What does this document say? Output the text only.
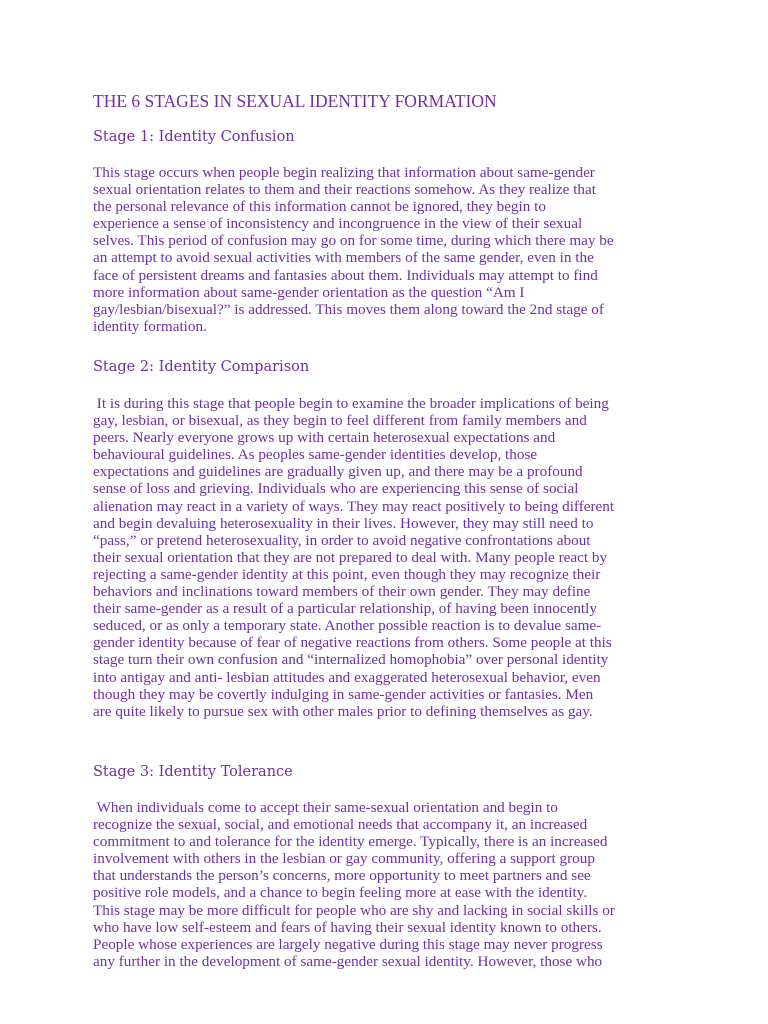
THE 6 STAGES IN SEXUAL IDENTITY FORMATION
Stage 1: Identity Confusion

This stage occurs when people begin realizing that information about same-gender
sexual orientation relates to them and their reactions somehow. As they realize that
the personal relevance of this information cannot be ignored, they begin to
experience a sense of inconsistency and incongruence in the view of their sexual
selves. This period of confusion may go on for some time, during which there may be
an attempt to avoid sexual activities with members of the same gender, even in the
face of persistent dreams and fantasies about them. Individuals may attempt to find
more information about same-gender orientation as the question “Am I
gay/lesbian/bisexual?” is addressed. This moves them along toward the 2nd stage of
identity formation.

Stage 2: Identity Comparison

It is during this stage that people begin to examine the broader implications of being
gay, lesbian, or bisexual, as they begin to feel different from family members and
peers. Nearly everyone grows up with certain heterosexual expectations and
behavioural guidelines. As peoples same-gender identities develop, those
expectations and guidelines are gradually given up, and there may be a profound
sense of loss and grieving. Individuals who are experiencing this sense of social
alienation may react in a variety of ways. They may react positively to being different
and begin devaluing heterosexuality in their lives. However, they may still need to
“pass,” or pretend heterosexuality, in order to avoid negative confrontations about
their sexual orientation that they are not prepared to deal with. Many people react by
rejecting a same-gender identity at this point, even though they may recognize their
behaviors and inclinations toward members of their own gender. They may define
their same-gender as a result of a particular relationship, of having been innocently
seduced, or as only a temporary state. Another possible reaction is to devalue same-
gender identity because of fear of negative reactions from others. Some people at this
stage turn their own confusion and “internalized homophobia” over personal identity
into antigay and anti- lesbian attitudes and exaggerated heterosexual behavior, even
though they may be covertly indulging in same-gender activities or fantasies. Men
are quite likely to pursue sex with other males prior to defining themselves as gay.

Stage 3: Identity Tolerance

When individuals come to accept their same-sexual orientation and begin to
recognize the sexual, social, and emotional needs that accompany it, an increased
commitment to and tolerance for the identity emerge. Typically, there is an increased
involvement with others in the lesbian or gay community, offering a support group
that understands the person’s concerns, more opportunity to meet partners and see
positive role models, and a chance to begin feeling more at ease with the identity.
This stage may be more difficult for people who are shy and lacking in social skills or
who have low self-esteem and fears of having their sexual identity known to others.
People whose experiences are largely negative during this stage may never progress
any further in the development of same-gender sexual identity. However, those who
